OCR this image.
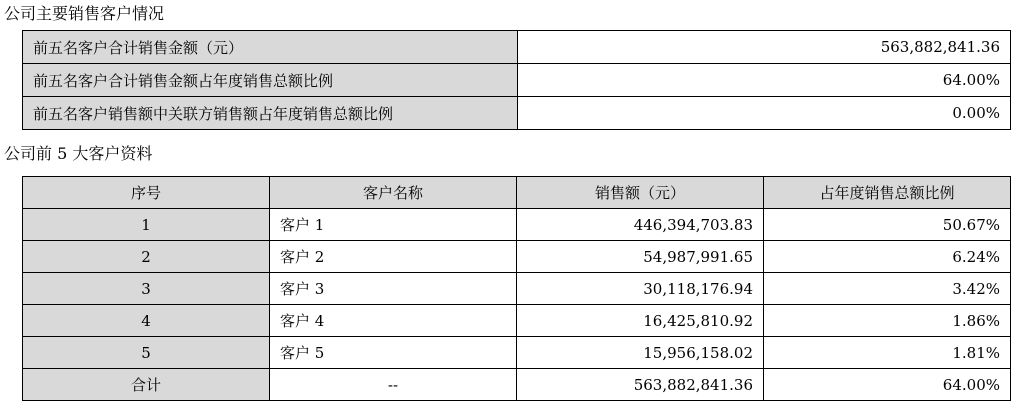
公司主要销售客户情况
前五名客户合计销售金额（元）	563,882,841.36
前五名客户合计销售金额占年度销售总额比例	64.00%
前五名客户销售额中关联方销售额占年度销售总额比例	0.00%
公司前 5 大客户资料
序号	客户名称	销售额（元）	占年度销售总额比例
1	客户 1	446,394,703.83	50.67%
2	客户 2	54,987,991.65	6.24%
3	客户 3	30,118,176.94	3.42%
4	客户 4	16,425,810.92	1.86%
5	客户 5	15,956,158.02	1.81%
合计	--	563,882,841.36	64.00%
